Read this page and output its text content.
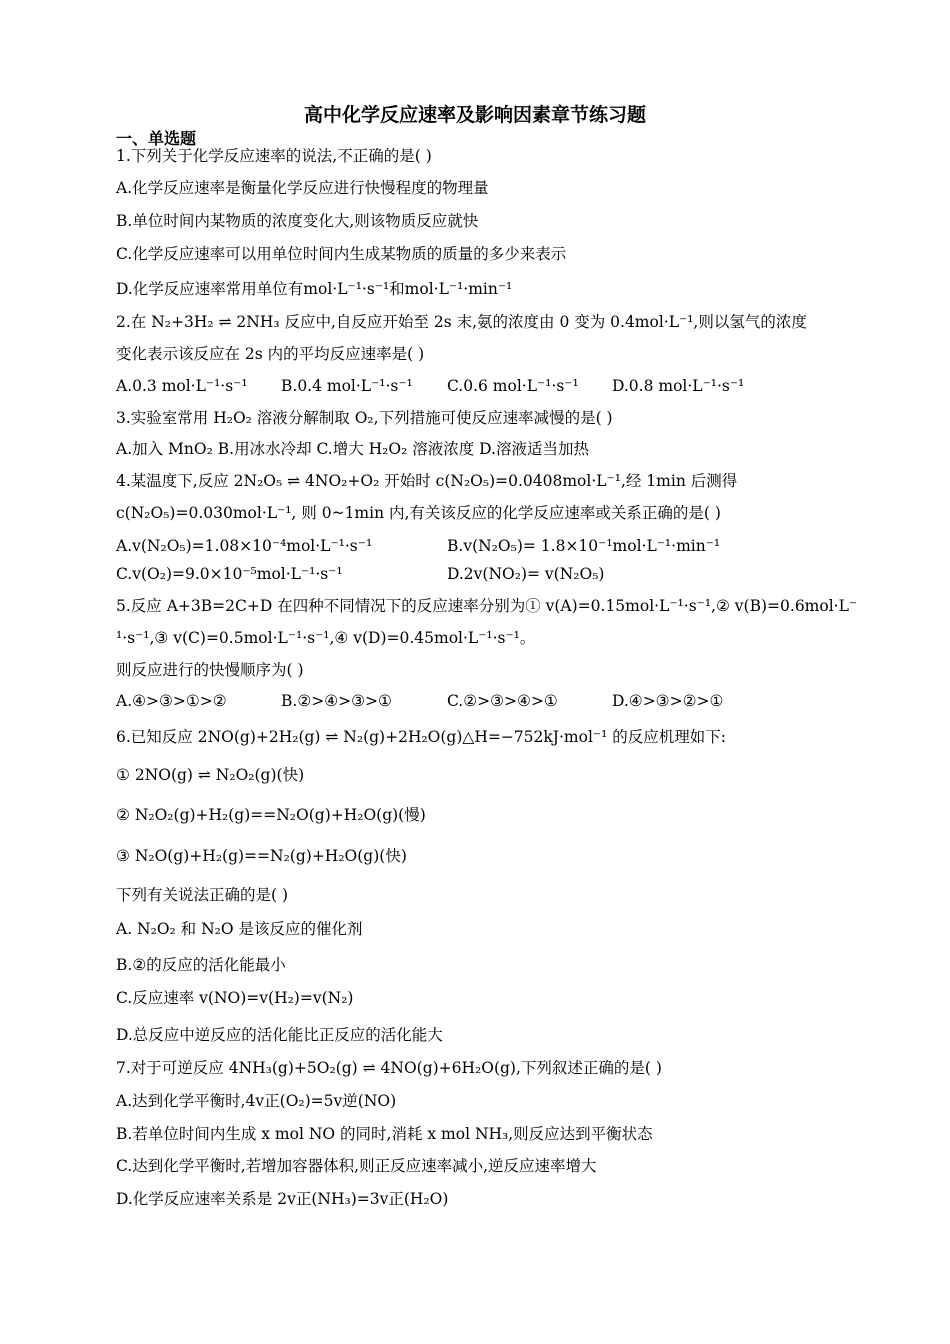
高中化学反应速率及影响因素章节练习题
一、单选题
1.下列关于化学反应速率的说法,不正确的是( )
A.化学反应速率是衡量化学反应进行快慢程度的物理量
B.单位时间内某物质的浓度变化大,则该物质反应就快
C.化学反应速率可以用单位时间内生成某物质的质量的多少来表示
D.化学反应速率常用单位有mol·L⁻¹·s⁻¹和mol·L⁻¹·min⁻¹
2.在 N₂+3H₂ ⇌ 2NH₃ 反应中,自反应开始至 2s 末,氨的浓度由 0 变为 0.4mol·L⁻¹,则以氢气的浓度
变化表示该反应在 2s 内的平均反应速率是( )
A.0.3 mol·L⁻¹·s⁻¹ B.0.4 mol·L⁻¹·s⁻¹ C.0.6 mol·L⁻¹·s⁻¹ D.0.8 mol·L⁻¹·s⁻¹
3.实验室常用 H₂O₂ 溶液分解制取 O₂,下列措施可使反应速率减慢的是( )
A.加入 MnO₂ B.用冰水冷却 C.增大 H₂O₂ 溶液浓度 D.溶液适当加热
4.某温度下,反应 2N₂O₅ ⇌ 4NO₂+O₂ 开始时 c(N₂O₅)=0.0408mol·L⁻¹,经 1min 后测得
c(N₂O₅)=0.030mol·L⁻¹, 则 0~1min 内,有关该反应的化学反应速率或关系正确的是( )
A.v(N₂O₅)=1.08×10⁻⁴mol·L⁻¹·s⁻¹	B.v(N₂O₅)= 1.8×10⁻¹mol·L⁻¹·min⁻¹
C.v(O₂)=9.0×10⁻⁵mol·L⁻¹·s⁻¹	D.2v(NO₂)= v(N₂O₅)
5.反应 A+3B=2C+D 在四种不同情况下的反应速率分别为① v(A)=0.15mol·L⁻¹·s⁻¹,② v(B)=0.6mol·L⁻
¹·s⁻¹,③ v(C)=0.5mol·L⁻¹·s⁻¹,④ v(D)=0.45mol·L⁻¹·s⁻¹。
则反应进行的快慢顺序为( )
A.④>③>①>②	B.②>④>③>①	C.②>③>④>①	D.④>③>②>①
6.已知反应 2NO(g)+2H₂(g) ⇌ N₂(g)+2H₂O(g)△H=−752kJ·mol⁻¹ 的反应机理如下:
① 2NO(g) ⇌ N₂O₂(g)(快)
② N₂O₂(g)+H₂(g)==N₂O(g)+H₂O(g)(慢)
③ N₂O(g)+H₂(g)==N₂(g)+H₂O(g)(快)
下列有关说法正确的是( )
A. N₂O₂ 和 N₂O 是该反应的催化剂
B.②的反应的活化能最小
C.反应速率 v(NO)=v(H₂)=v(N₂)
D.总反应中逆反应的活化能比正反应的活化能大
7.对于可逆反应 4NH₃(g)+5O₂(g) ⇌ 4NO(g)+6H₂O(g),下列叙述正确的是( )
A.达到化学平衡时,4v正(O₂)=5v逆(NO)
B.若单位时间内生成 x mol NO 的同时,消耗 x mol NH₃,则反应达到平衡状态
C.达到化学平衡时,若增加容器体积,则正反应速率减小,逆反应速率增大
D.化学反应速率关系是 2v正(NH₃)=3v正(H₂O)
